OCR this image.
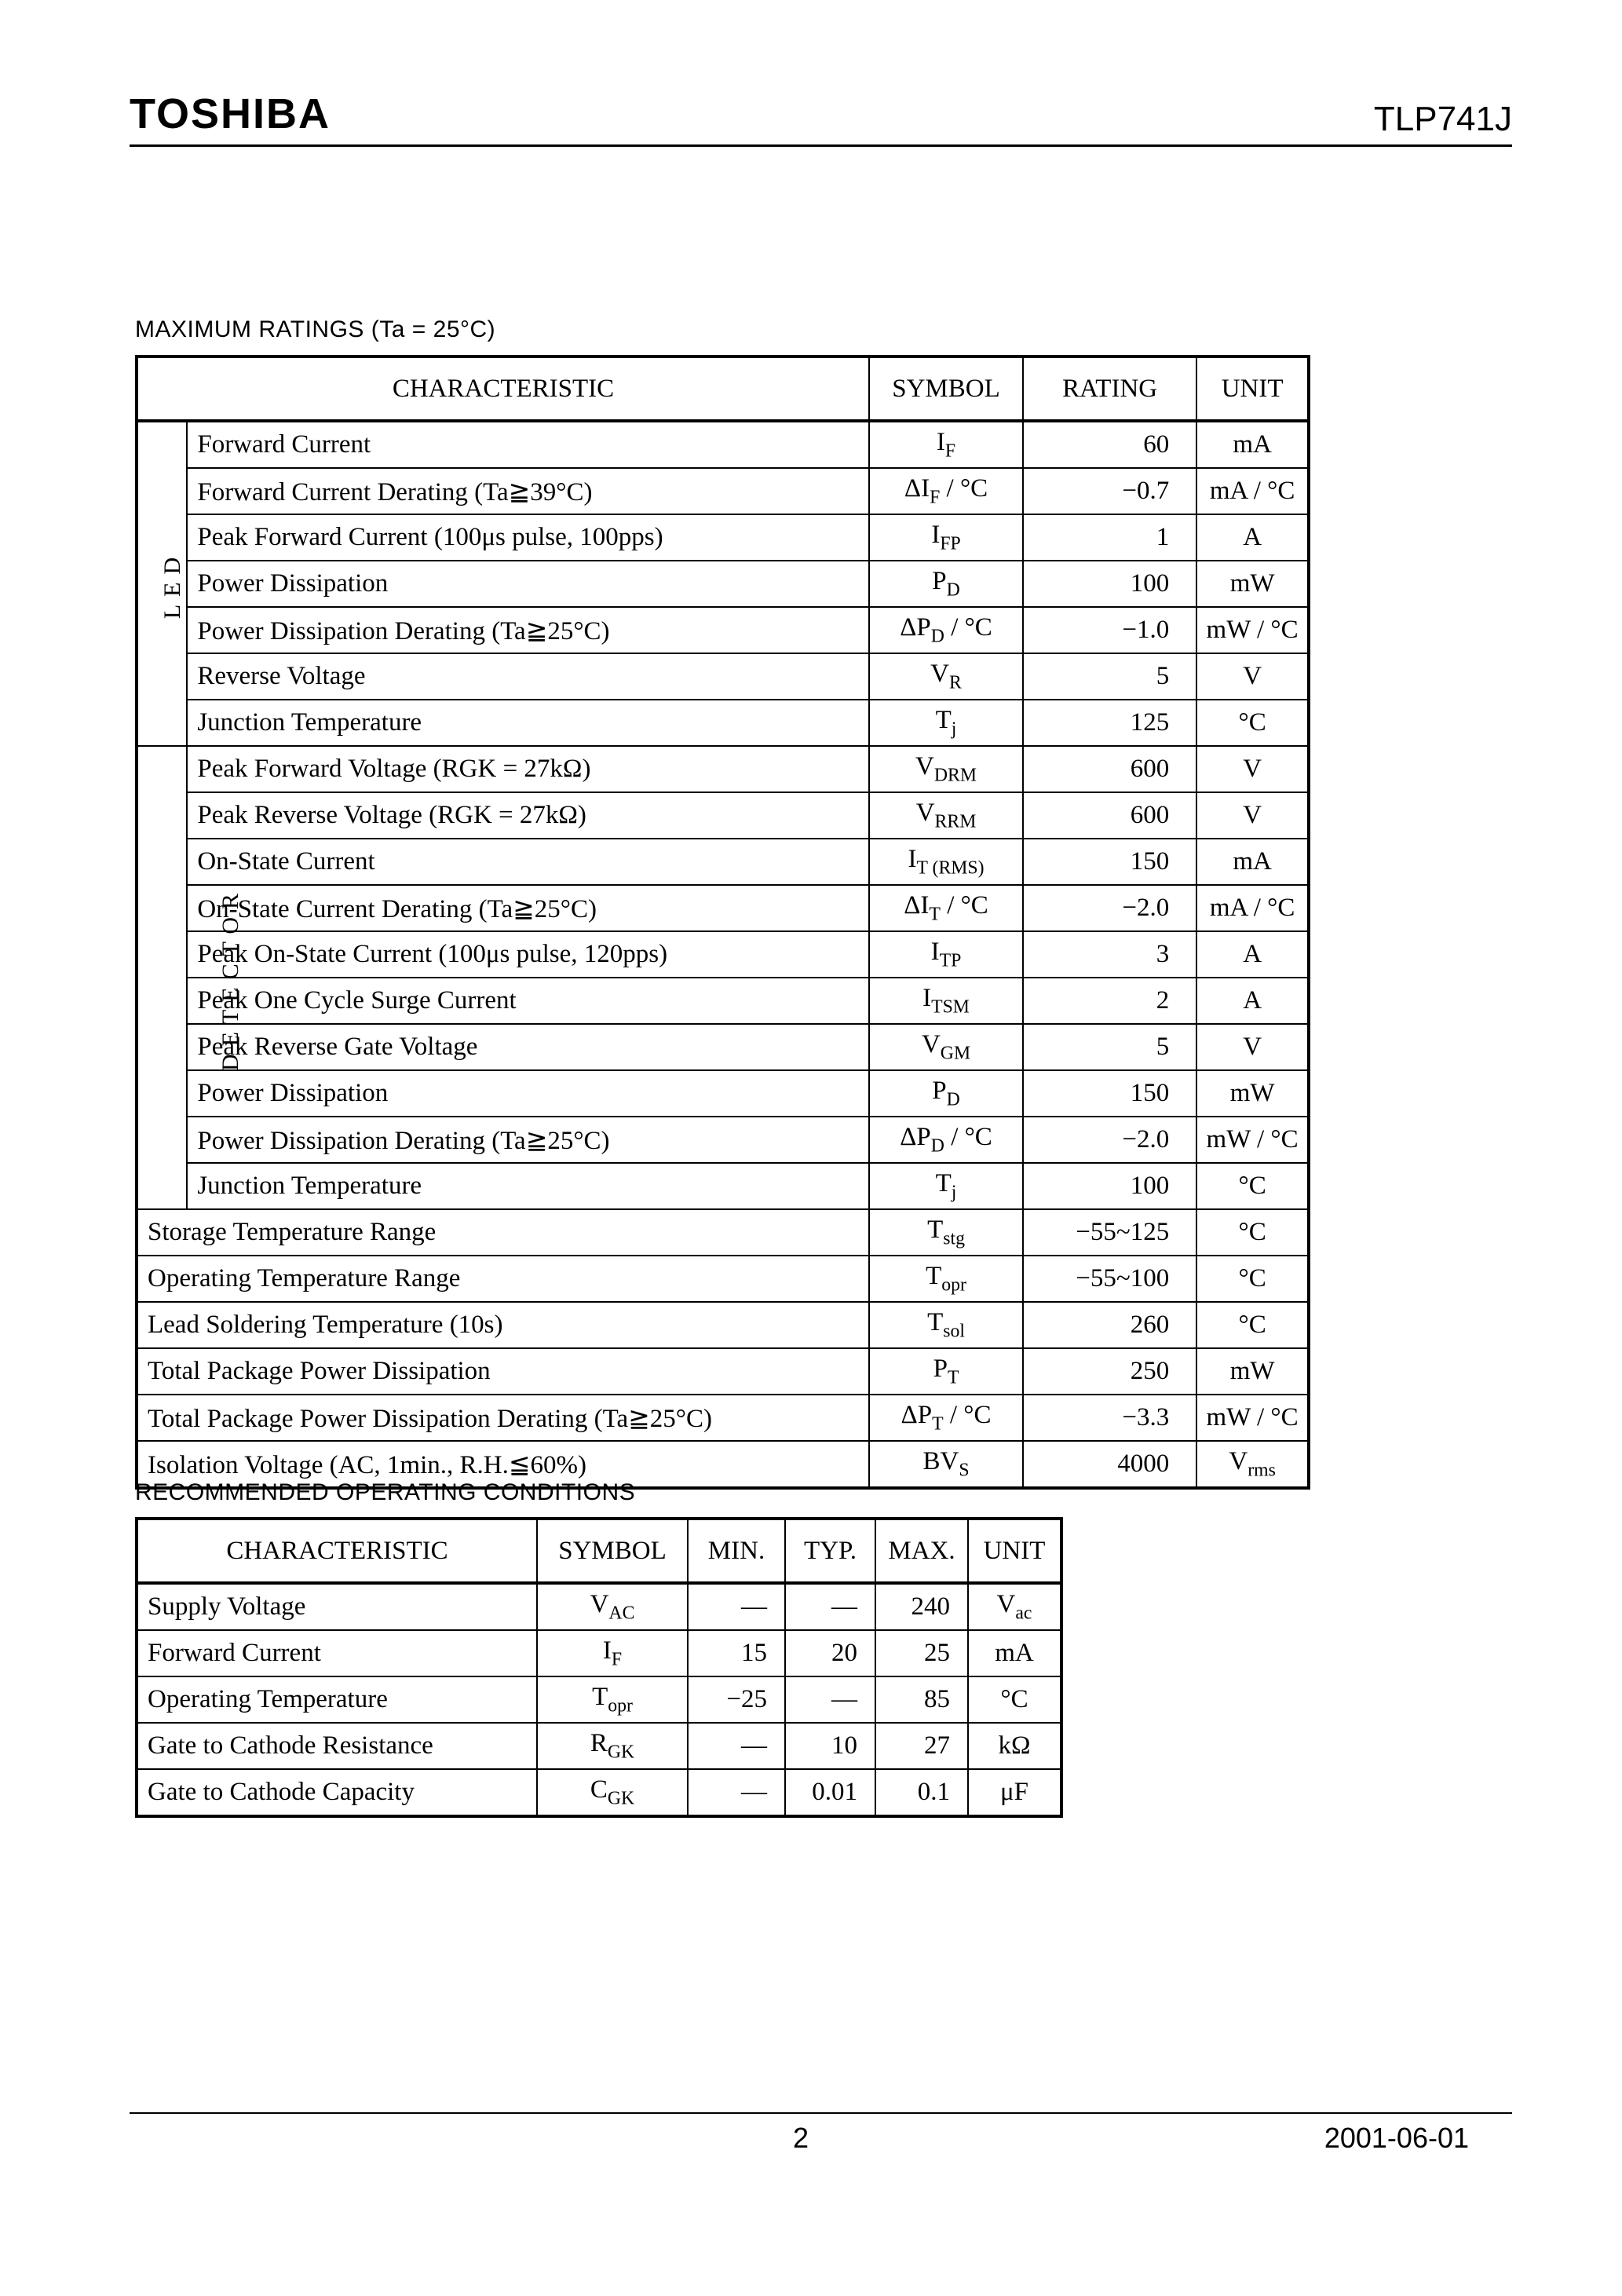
TOSHIBA	TLP741J
MAXIMUM RATINGS (Ta = 25°C)
CHARACTERISTIC		SYMBOL	RATING	UNIT
LED	Forward Current	$I_F$	60	mA
	Forward Current Derating (Ta≧39°C)	$\Delta I_F / ^\circ C$	−0.7	mA / °C
	Peak Forward Current (100μs pulse, 100pps)	$I_{FP}$	1	A
	Power Dissipation	$P_D$	100	mW
	Power Dissipation Derating (Ta≧25°C)	$\Delta P_D / ^\circ C$	−1.0	mW / °C
	Reverse Voltage	$V_R$	5	V
	Junction Temperature	$T_j$	125	°C
DETECTOR	Peak Forward Voltage (RGK = 27kΩ)	$V_{DRM}$	600	V
	Peak Reverse Voltage (RGK = 27kΩ)	$V_{RRM}$	600	V
	On-State Current	$I_{T (RMS)}$	150	mA
	On-State Current Derating (Ta≧25°C)	$\Delta I_T / ^\circ C$	−2.0	mA / °C
	Peak On-State Current (100μs pulse, 120pps)	$I_{TP}$	3	A
	Peak One Cycle Surge Current	$I_{TSM}$	2	A
	Peak Reverse Gate Voltage	$V_{GM}$	5	V
	Power Dissipation	$P_D$	150	mW
	Power Dissipation Derating (Ta≧25°C)	$\Delta P_D / ^\circ C$	−2.0	mW / °C
	Junction Temperature	$T_j$	100	°C
Storage Temperature Range		$T_{stg}$	−55~125	°C
Operating Temperature Range		$T_{opr}$	−55~100	°C
Lead Soldering Temperature (10s)		$T_{sol}$	260	°C
Total Package Power Dissipation		$P_T$	250	mW
Total Package Power Dissipation Derating (Ta≧25°C)		$\Delta P_T / ^\circ C$	−3.3	mW / °C
Isolation Voltage (AC, 1min., R.H.≦60%)		$BV_S$	4000	$V_{rms}$
RECOMMENDED OPERATING CONDITIONS
CHARACTERISTIC	SYMBOL	MIN.	TYP.	MAX.	UNIT
Supply Voltage	$V_{AC}$	—	—	240	$V_{ac}$
Forward Current	$I_F$	15	20	25	mA
Operating Temperature	$T_{opr}$	−25	—	85	°C
Gate to Cathode Resistance	$R_{GK}$	—	10	27	kΩ
Gate to Cathode Capacity	$C_{GK}$	—	0.01	0.1	μF
2	2001-06-01
